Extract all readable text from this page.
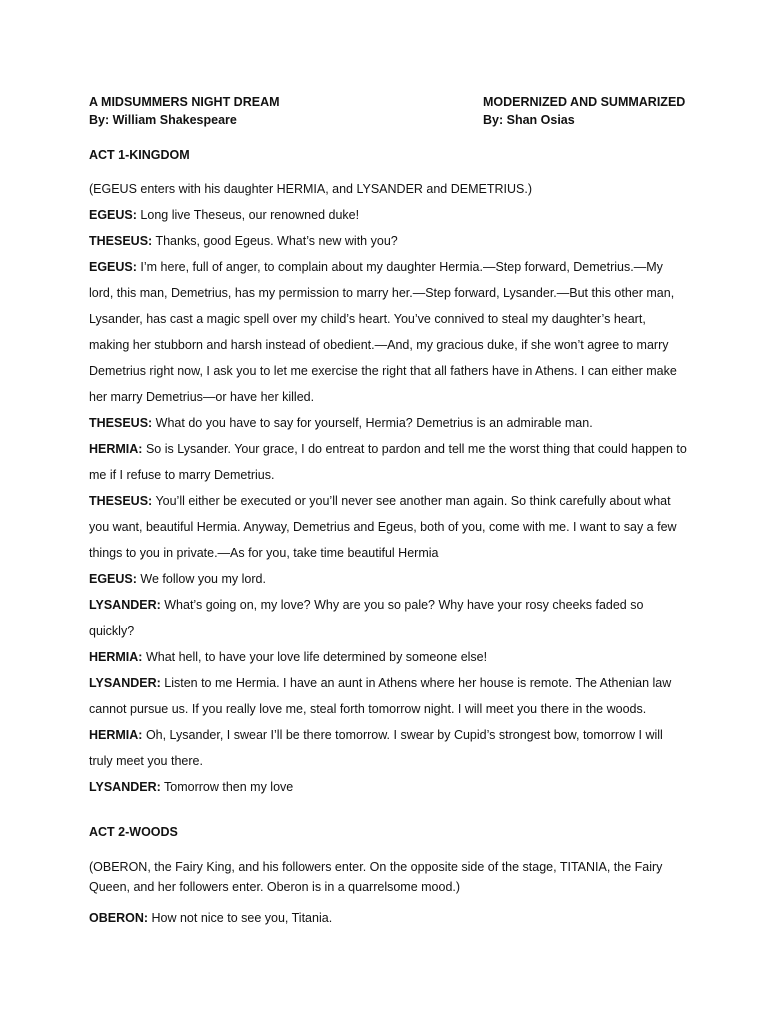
A MIDSUMMERS NIGHT DREAM	MODERNIZED AND SUMMARIZED
By: William Shakespeare	By: Shan Osias
ACT 1-KINGDOM

(EGEUS enters with his daughter HERMIA, and LYSANDER and DEMETRIUS.)

EGEUS: Long live Theseus, our renowned duke!

THESEUS: Thanks, good Egeus. What’s new with you?

EGEUS: I’m here, full of anger, to complain about my daughter Hermia.—Step forward, Demetrius.—My lord, this man, Demetrius, has my permission to marry her.—Step forward, Lysander.—But this other man, Lysander, has cast a magic spell over my child’s heart. You’ve connived to steal my daughter’s heart, making her stubborn and harsh instead of obedient.—And, my gracious duke, if she won’t agree to marry Demetrius right now, I ask you to let me exercise the right that all fathers have in Athens. I can either make her marry Demetrius—or have her killed.

THESEUS: What do you have to say for yourself, Hermia? Demetrius is an admirable man.

HERMIA: So is Lysander. Your grace, I do entreat to pardon and tell me the worst thing that could happen to me if I refuse to marry Demetrius.

THESEUS: You’ll either be executed or you’ll never see another man again. So think carefully about what you want, beautiful Hermia. Anyway, Demetrius and Egeus, both of you, come with me. I want to say a few things to you in private.—As for you, take time beautiful Hermia

EGEUS: We follow you my lord.

LYSANDER: What’s going on, my love? Why are you so pale? Why have your rosy cheeks faded so quickly?

HERMIA: What hell, to have your love life determined by someone else!

LYSANDER: Listen to me Hermia. I have an aunt in Athens where her house is remote. The Athenian law cannot pursue us. If you really love me, steal forth tomorrow night. I will meet you there in the woods.

HERMIA: Oh, Lysander, I swear I’ll be there tomorrow. I swear by Cupid’s strongest bow, tomorrow I will truly meet you there.

LYSANDER: Tomorrow then my love

ACT 2-WOODS

(OBERON, the Fairy King, and his followers enter. On the opposite side of the stage, TITANIA, the Fairy Queen, and her followers enter. Oberon is in a quarrelsome mood.)

OBERON: How not nice to see you, Titania.
